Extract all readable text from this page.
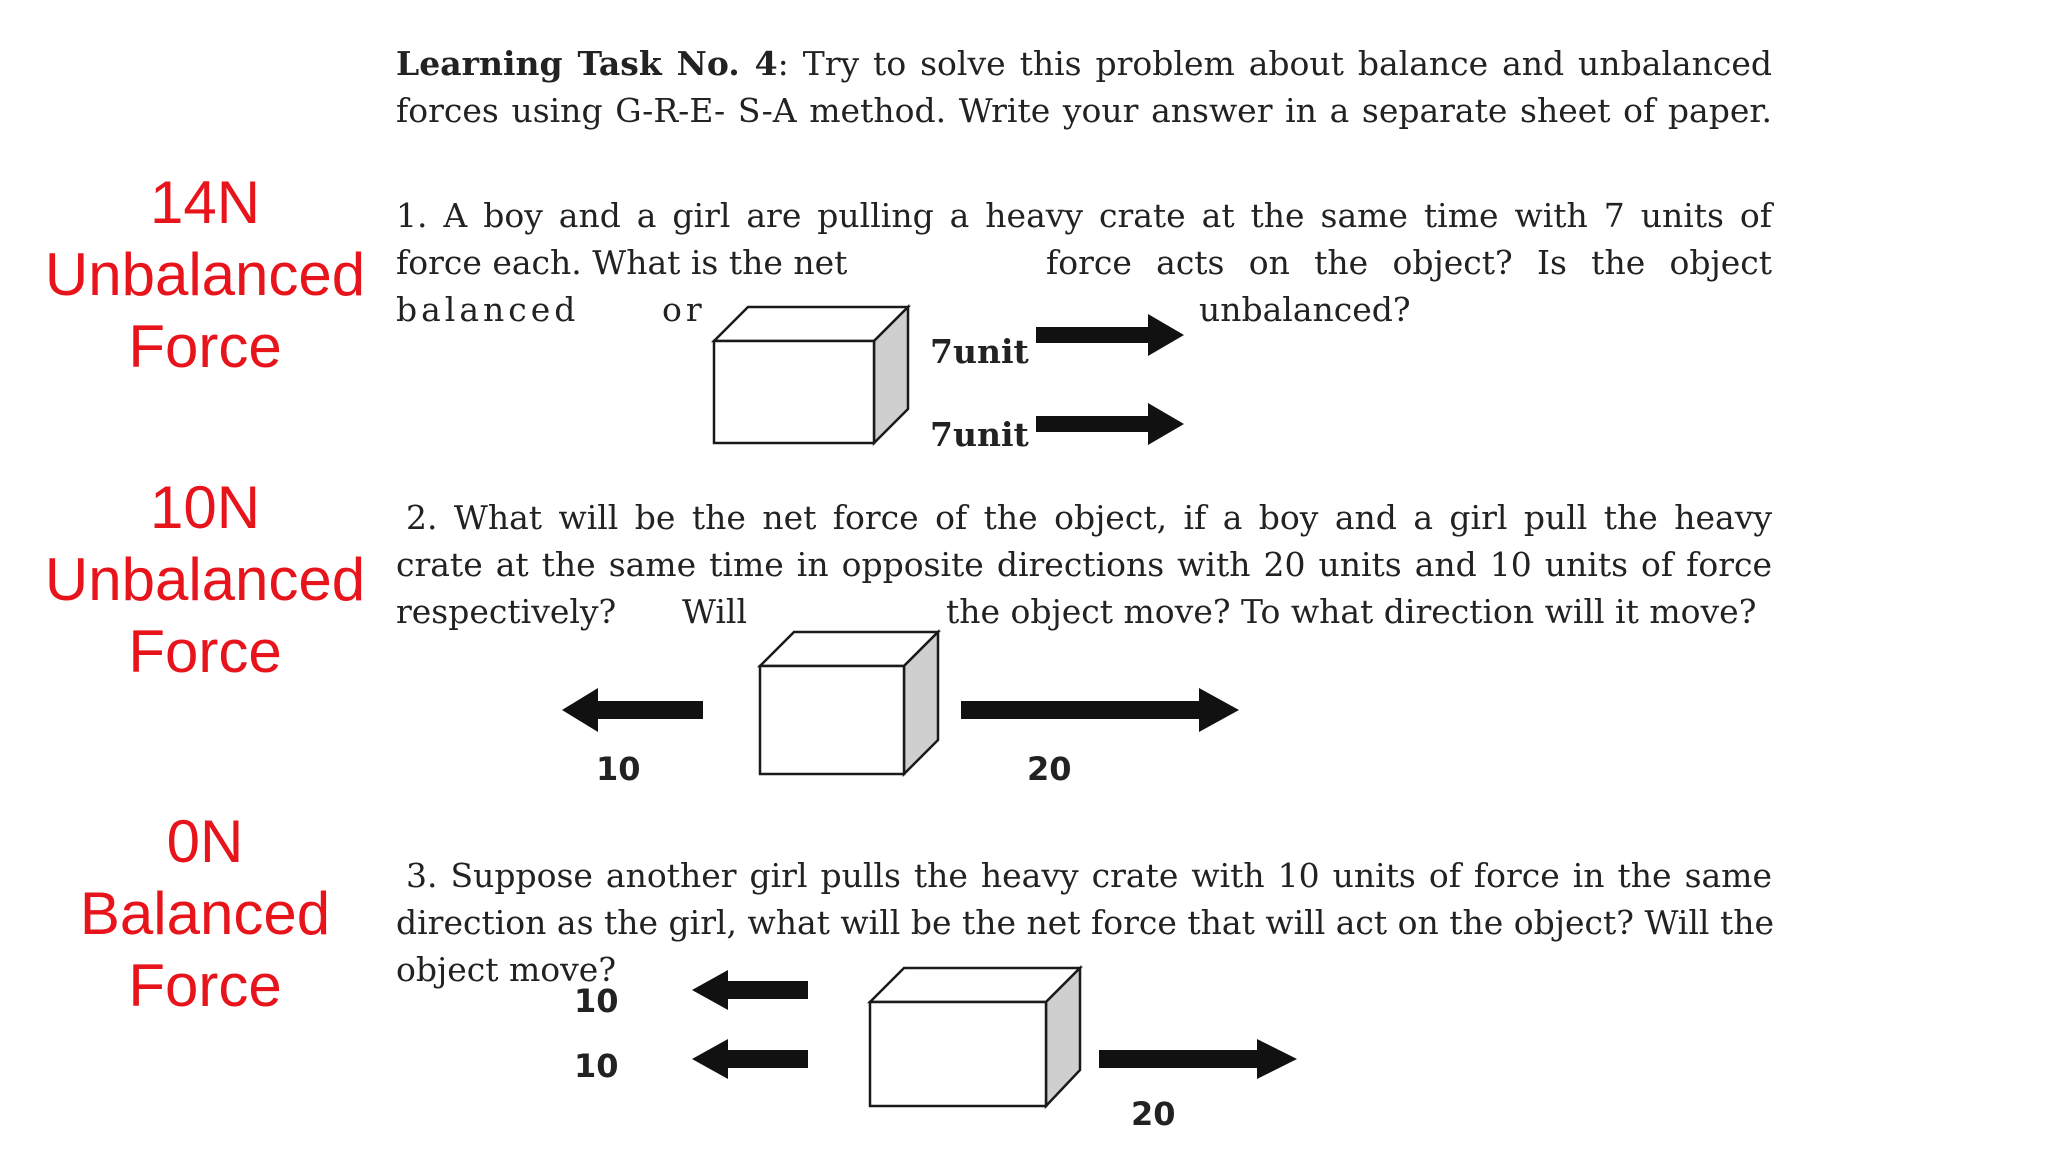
Learning Task No. 4: Try to solve this problem about balance and unbalanced
forces using G-R-E- S-A method. Write your answer in a separate sheet of paper.
14N
Unbalanced
Force
10N
Unbalanced
Force
0N
Balanced
Force
1. A boy and a girl are pulling a heavy crate at the same time with 7 units of
force each. What is the net	force acts on the object? Is the object
balanced	or	unbalanced?
7unit
7unit
2. What will be the net force of the object, if a boy and a girl pull the heavy
crate at the same time in opposite directions with 20 units and 10 units of force
respectively? Will	the object move? To what direction will it move?
10	20
3. Suppose another girl pulls the heavy crate with 10 units of force in the same
direction as the girl, what will be the net force that will act on the object? Will the
object move?
10
10
20
